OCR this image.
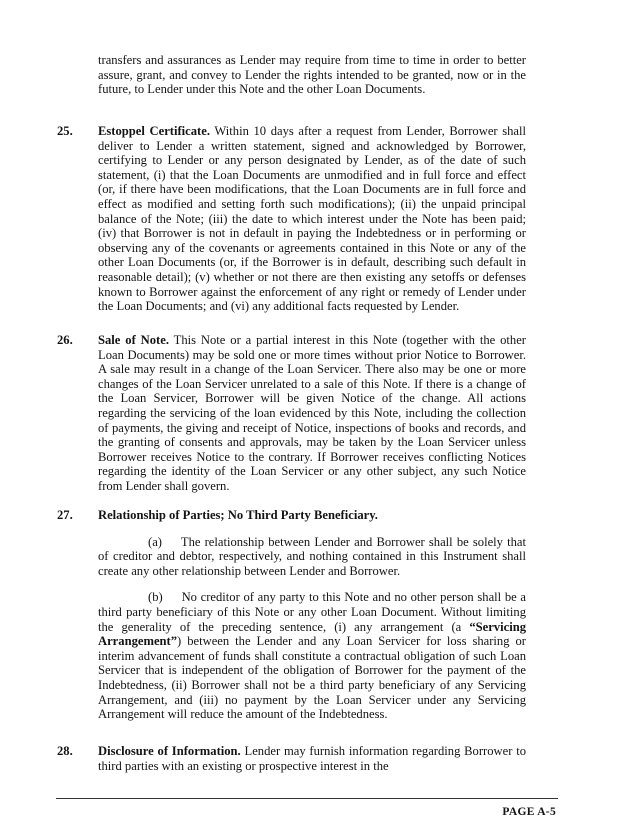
transfers and assurances as Lender may require from time to time in order to better assure, grant, and convey to Lender the rights intended to be granted, now or in the future, to Lender under this Note and the other Loan Documents.
25. Estoppel Certificate. Within 10 days after a request from Lender, Borrower shall deliver to Lender a written statement, signed and acknowledged by Borrower, certifying to Lender or any person designated by Lender, as of the date of such statement, (i) that the Loan Documents are unmodified and in full force and effect (or, if there have been modifications, that the Loan Documents are in full force and effect as modified and setting forth such modifications); (ii) the unpaid principal balance of the Note; (iii) the date to which interest under the Note has been paid; (iv) that Borrower is not in default in paying the Indebtedness or in performing or observing any of the covenants or agreements contained in this Note or any of the other Loan Documents (or, if the Borrower is in default, describing such default in reasonable detail); (v) whether or not there are then existing any setoffs or defenses known to Borrower against the enforcement of any right or remedy of Lender under the Loan Documents; and (vi) any additional facts requested by Lender.
26. Sale of Note. This Note or a partial interest in this Note (together with the other Loan Documents) may be sold one or more times without prior Notice to Borrower. A sale may result in a change of the Loan Servicer. There also may be one or more changes of the Loan Servicer unrelated to a sale of this Note. If there is a change of the Loan Servicer, Borrower will be given Notice of the change. All actions regarding the servicing of the loan evidenced by this Note, including the collection of payments, the giving and receipt of Notice, inspections of books and records, and the granting of consents and approvals, may be taken by the Loan Servicer unless Borrower receives Notice to the contrary. If Borrower receives conflicting Notices regarding the identity of the Loan Servicer or any other subject, any such Notice from Lender shall govern.
27. Relationship of Parties; No Third Party Beneficiary.
(a)   The relationship between Lender and Borrower shall be solely that of creditor and debtor, respectively, and nothing contained in this Instrument shall create any other relationship between Lender and Borrower.
(b)   No creditor of any party to this Note and no other person shall be a third party beneficiary of this Note or any other Loan Document. Without limiting the generality of the preceding sentence, (i) any arrangement (a “Servicing Arrangement”) between the Lender and any Loan Servicer for loss sharing or interim advancement of funds shall constitute a contractual obligation of such Loan Servicer that is independent of the obligation of Borrower for the payment of the Indebtedness, (ii) Borrower shall not be a third party beneficiary of any Servicing Arrangement, and (iii) no payment by the Loan Servicer under any Servicing Arrangement will reduce the amount of the Indebtedness.
28. Disclosure of Information. Lender may furnish information regarding Borrower to third parties with an existing or prospective interest in the
PAGE A-5
